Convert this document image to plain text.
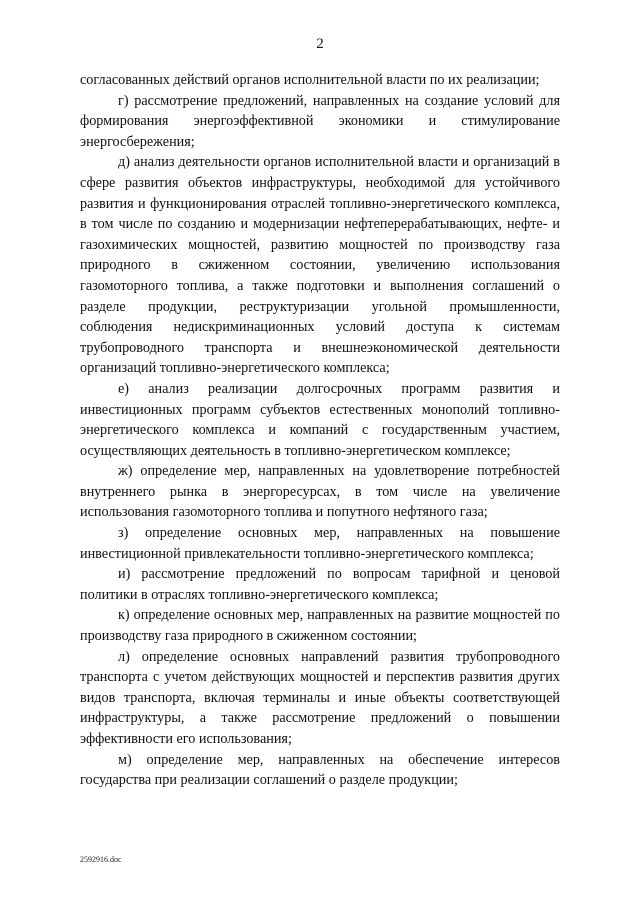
2

согласованных действий органов исполнительной власти по их реализации;

г) рассмотрение предложений, направленных на создание условий для формирования энергоэффективной экономики и стимулирование энергосбережения;

д) анализ деятельности органов исполнительной власти и организаций в сфере развития объектов инфраструктуры, необходимой для устойчивого развития и функционирования отраслей топливно-энергетического комплекса, в том числе по созданию и модернизации нефтеперерабатывающих, нефте- и газохимических мощностей, развитию мощностей по производству газа природного в сжиженном состоянии, увеличению использования газомоторного топлива, а также подготовки и выполнения соглашений о разделе продукции, реструктуризации угольной промышленности, соблюдения недискриминационных условий доступа к системам трубопроводного транспорта и внешнеэкономической деятельности организаций топливно-энергетического комплекса;

е) анализ реализации долгосрочных программ развития и инвестиционных программ субъектов естественных монополий топливно-энергетического комплекса и компаний с государственным участием, осуществляющих деятельность в топливно-энергетическом комплексе;

ж) определение мер, направленных на удовлетворение потребностей внутреннего рынка в энергоресурсах, в том числе на увеличение использования газомоторного топлива и попутного нефтяного газа;

з) определение основных мер, направленных на повышение инвестиционной привлекательности топливно-энергетического комплекса;

и) рассмотрение предложений по вопросам тарифной и ценовой политики в отраслях топливно-энергетического комплекса;

к) определение основных мер, направленных на развитие мощностей по производству газа природного в сжиженном состоянии;

л) определение основных направлений развития трубопроводного транспорта с учетом действующих мощностей и перспектив развития других видов транспорта, включая терминалы и иные объекты соответствующей инфраструктуры, а также рассмотрение предложений о повышении эффективности его использования;

м) определение мер, направленных на обеспечение интересов государства при реализации соглашений о разделе продукции;

2592916.doc
